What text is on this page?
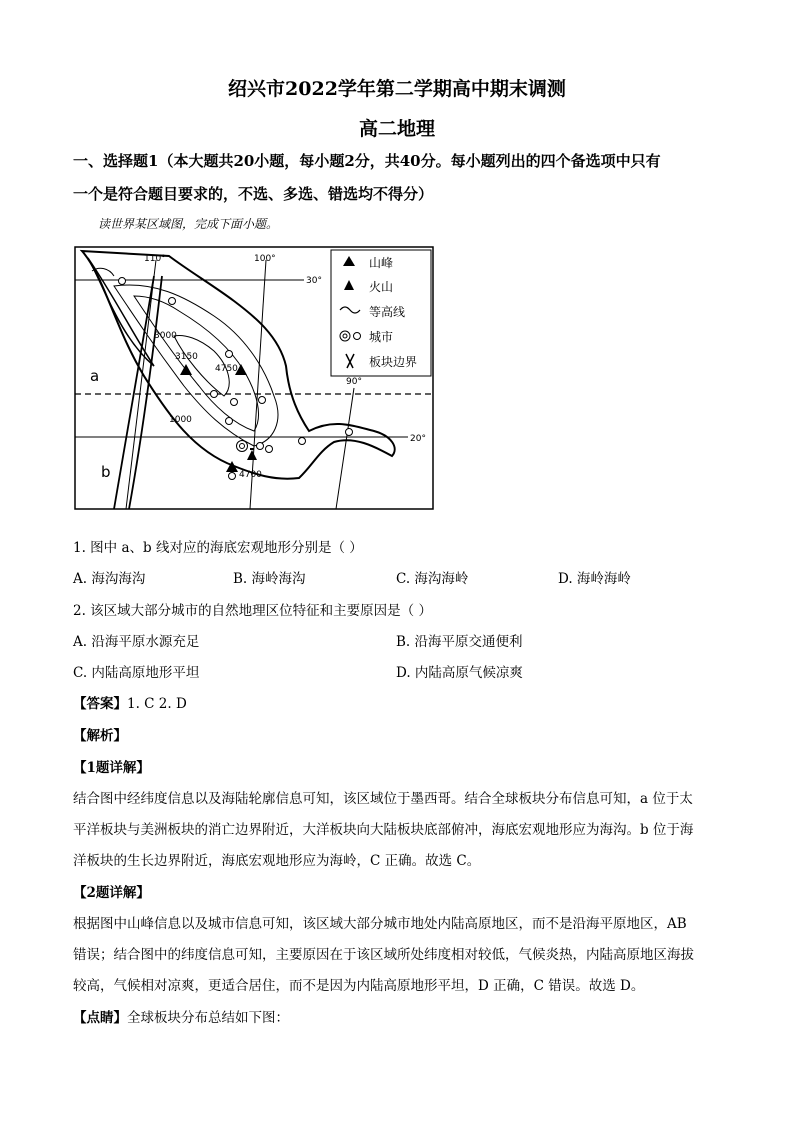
绍兴市2022学年第二学期高中期末调测
高二地理
一、选择题1（本大题共20小题，每小题2分，共40分。每小题列出的四个备选项中只有
一个是符合题目要求的，不选、多选、错选均不得分）
读世界某区域图，完成下面小题。
110°	100°
90°
30°
20°
3000
3150
4750
1000
4700
a
b
山峰
火山
等高线
城市
板块边界
1. 图中 a、b 线对应的海底宏观地形分别是（ ）
A. 海沟海沟	B. 海岭海沟	C. 海沟海岭	D. 海岭海岭
2. 该区域大部分城市的自然地理区位特征和主要原因是（ ）
A. 沿海平原水源充足	B. 沿海平原交通便利
C. 内陆高原地形平坦	D. 内陆高原气候凉爽
【答案】1. C 2. D
【解析】
【1题详解】
结合图中经纬度信息以及海陆轮廓信息可知，该区域位于墨西哥。结合全球板块分布信息可知，a 位于太
平洋板块与美洲板块的消亡边界附近，大洋板块向大陆板块底部俯冲，海底宏观地形应为海沟。b 位于海
洋板块的生长边界附近，海底宏观地形应为海岭，C 正确。故选 C。
【2题详解】
根据图中山峰信息以及城市信息可知，该区域大部分城市地处内陆高原地区，而不是沿海平原地区，AB
错误；结合图中的纬度信息可知，主要原因在于该区域所处纬度相对较低，气候炎热，内陆高原地区海拔
较高，气候相对凉爽，更适合居住，而不是因为内陆高原地形平坦，D 正确，C 错误。故选 D。
【点睛】全球板块分布总结如下图：
